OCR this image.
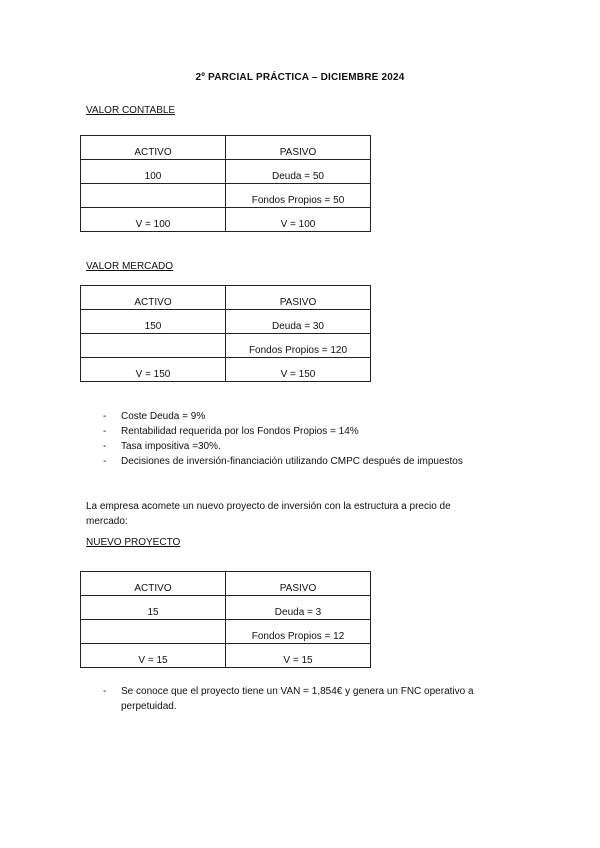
2º PARCIAL PRÁCTICA – DICIEMBRE 2024
VALOR CONTABLE
ACTIVO	PASIVO
100	Deuda = 50
	Fondos Propios = 50
V = 100	V = 100
VALOR MERCADO
ACTIVO	PASIVO
150	Deuda = 30
	Fondos Propios = 120
V = 150	V = 150
- Coste Deuda = 9%
- Rentabilidad requerida por los Fondos Propios = 14%
- Tasa impositiva =30%.
- Decisiones de inversión-financiación utilizando CMPC después de impuestos
La empresa acomete un nuevo proyecto de inversión con la estructura a precio de mercado:
NUEVO PROYECTO
ACTIVO	PASIVO
15	Deuda = 3
	Fondos Propios = 12
V = 15	V = 15
- Se conoce que el proyecto tiene un VAN = 1,854€ y genera un FNC operativo a perpetuidad.
